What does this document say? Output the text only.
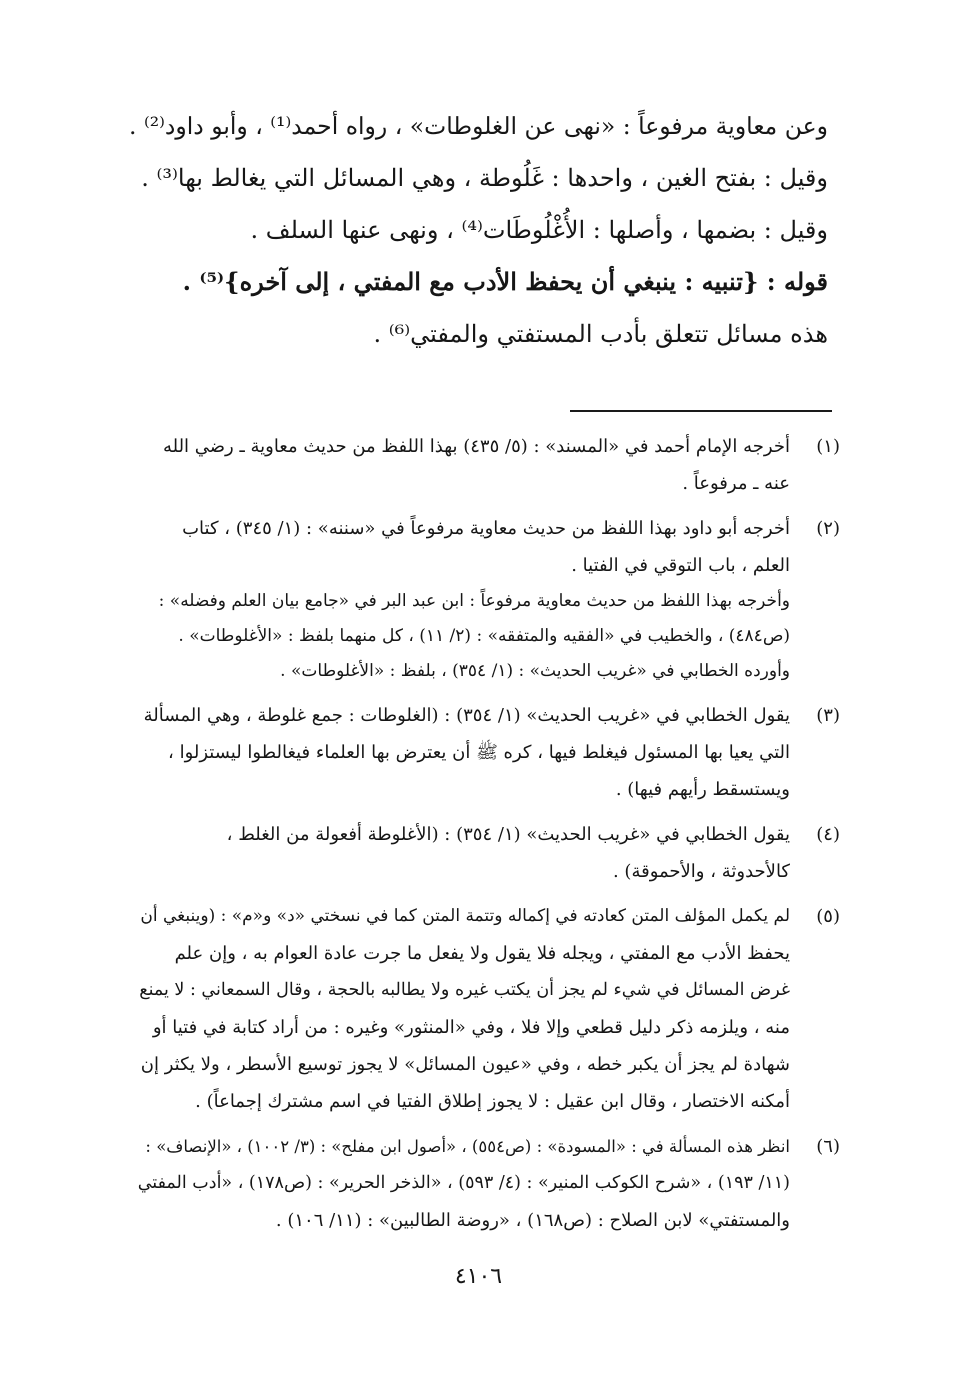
وعن معاوية مرفوعاً : «نهى عن الغلوطات» ، رواه أحمد⁽¹⁾ ، وأبو داود⁽²⁾ .
وقيل : بفتح الغين ، واحدها : غَلُوطة ، وهي المسائل التي يغالط بها⁽³⁾ .
وقيل : بضمها ، وأصلها : الأُغْلُوطَات⁽⁴⁾ ، ونهى عنها السلف .
قوله : {تنبيه : ينبغي أن يحفظ الأدب مع المفتي ، إلى آخره}⁽⁵⁾ .
هذه مسائل تتعلق بأدب المستفتي والمفتي⁽⁶⁾ .
(١)
أخرجه الإمام أحمد في «المسند» : (٥/ ٤٣٥) بهذا اللفظ من حديث معاوية ـ رضي الله
عنه ـ مرفوعاً .
(٢)
أخرجه أبو داود بهذا اللفظ من حديث معاوية مرفوعاً في «سننه» : (١/ ٣٤٥) ، كتاب
العلم ، باب التوقي في الفتيا .
وأخرجه بهذا اللفظ من حديث معاوية مرفوعاً : ابن عبد البر في «جامع بيان العلم وفضله» :
(ص٤٨٤) ، والخطيب في «الفقيه والمتفقه» : (٢/ ١١) ، كل منهما بلفظ : «الأغلوطات» .
وأورده الخطابي في «غريب الحديث» : (١/ ٣٥٤) ، بلفظ : «الأغلوطات» .
(٣)
يقول الخطابي في «غريب الحديث» (١/ ٣٥٤) : (الغلوطات : جمع غلوطة ، وهي المسألة
التي يعيا بها المسئول فيغلط فيها ، كره ﷺ أن يعترض بها العلماء فيغالطوا ليستزلوا ،
ويستسقط رأيهم فيها) .
(٤)
يقول الخطابي في «غريب الحديث» (١/ ٣٥٤) : (الأغلوطة أفعولة من الغلط ،
كالأحدوثة ، والأحموقة) .
(٥)
لم يكمل المؤلف المتن كعادته في إكماله وتتمة المتن كما في نسختي «د» و«م» : (وينبغي أن
يحفظ الأدب مع المفتي ، ويجله فلا يقول ولا يفعل ما جرت عادة العوام به ، وإن علم
غرض المسائل في شيء لم يجز أن يكتب غيره ولا يطالبه بالحجة ، وقال السمعاني : لا يمنع
منه ، ويلزمه ذكر دليل قطعي وإلا فلا ، وفي «المنثور» وغيره : من أراد كتابة في فتيا أو
شهادة لم يجز أن يكبر خطه ، وفي «عيون المسائل» لا يجوز توسيع الأسطر ، ولا يكثر إن
أمكنه الاختصار ، وقال ابن عقيل : لا يجوز إطلاق الفتيا في اسم مشترك إجماعاً) .
(٦)
انظر هذه المسألة في : «المسودة» : (ص٥٥٤) ، «أصول ابن مفلح» : (٣/ ١٠٠٢) ، «الإنصاف» :
(١١/ ١٩٣) ، «شرح الكوكب المنير» : (٤/ ٥٩٣) ، «الذخر الحرير» : (ص١٧٨) ، «أدب المفتي
والمستفتي» لابن الصلاح : (ص١٦٨) ، «روضة الطالبين» : (١١/ ١٠٦) .
٤١٠٦
